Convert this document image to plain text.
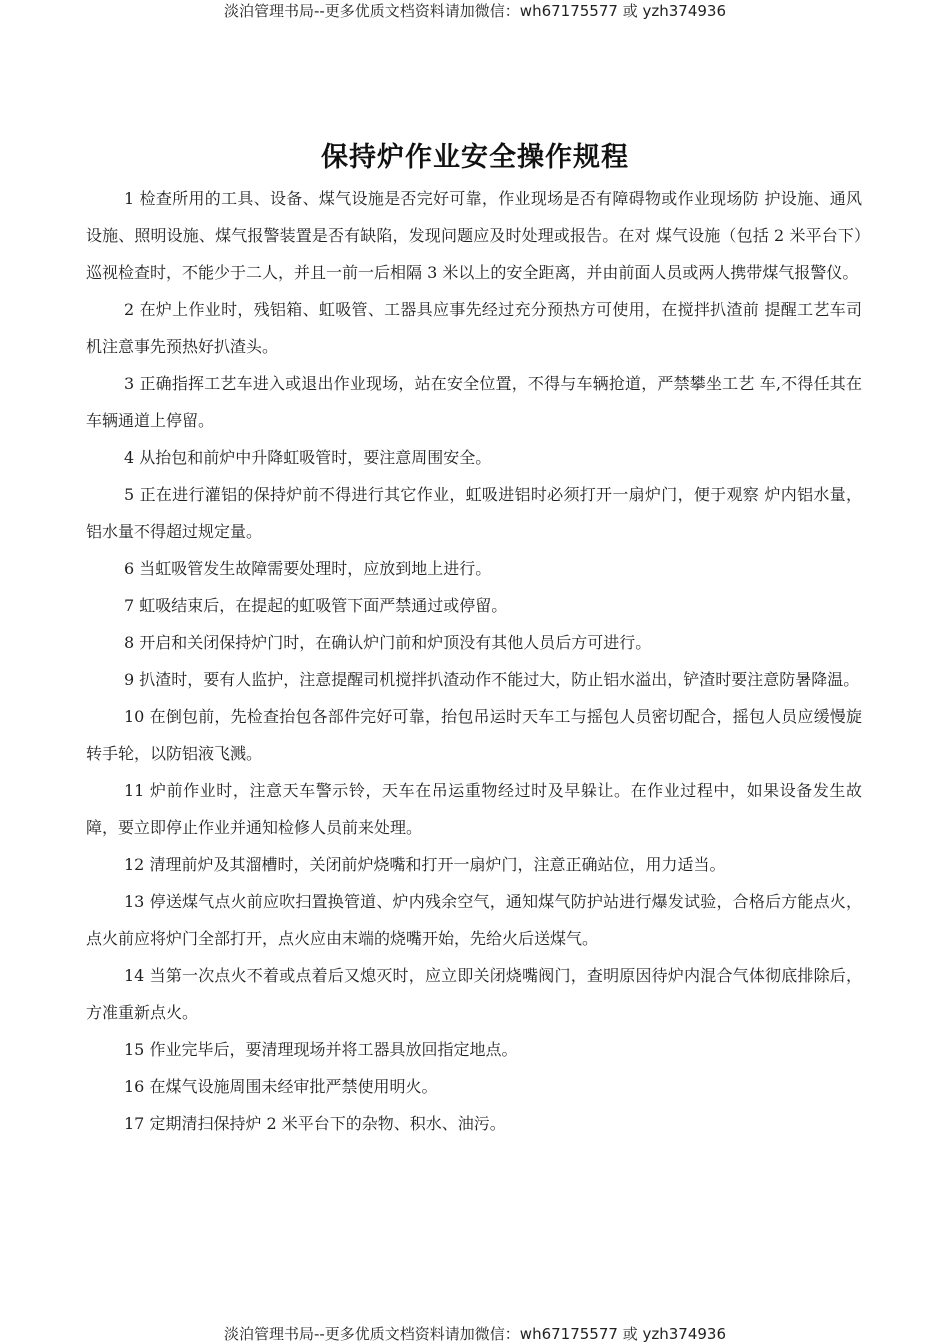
淡泊管理书局--更多优质文档资料请加微信：wh67175577 或 yzh374936
保持炉作业安全操作规程

1 检查所用的工具、设备、煤气设施是否完好可靠，作业现场是否有障碍物或作业现场防 护设施、通风设施、照明设施、煤气报警装置是否有缺陷，发现问题应及时处理或报告。在对 煤气设施（包括 2 米平台下）巡视检查时，不能少于二人，并且一前一后相隔 3 米以上的安全距离，并由前面人员或两人携带煤气报警仪。

2 在炉上作业时，残铝箱、虹吸管、工器具应事先经过充分预热方可使用，在搅拌扒渣前 提醒工艺车司机注意事先预热好扒渣头。

3 正确指挥工艺车进入或退出作业现场，站在安全位置，不得与车辆抢道，严禁攀坐工艺 车,不得任其在车辆通道上停留。

4 从抬包和前炉中升降虹吸管时，要注意周围安全。

5 正在进行灌铝的保持炉前不得进行其它作业，虹吸进铝时必须打开一扇炉门，便于观察 炉内铝水量，铝水量不得超过规定量。

6 当虹吸管发生故障需要处理时，应放到地上进行。

7 虹吸结束后，在提起的虹吸管下面严禁通过或停留。

8 开启和关闭保持炉门时，在确认炉门前和炉顶没有其他人员后方可进行。

9 扒渣时，要有人监护，注意提醒司机搅拌扒渣动作不能过大，防止铝水溢出，铲渣时要注意防暑降温。

10 在倒包前，先检查抬包各部件完好可靠，抬包吊运时天车工与摇包人员密切配合，摇包人员应缓慢旋转手轮，以防铝液飞溅。

11 炉前作业时，注意天车警示铃，天车在吊运重物经过时及早躲让。在作业过程中，如果设备发生故障，要立即停止作业并通知检修人员前来处理。

12 清理前炉及其溜槽时，关闭前炉烧嘴和打开一扇炉门，注意正确站位，用力适当。

13 停送煤气点火前应吹扫置换管道、炉内残余空气，通知煤气防护站进行爆发试验，合格后方能点火，点火前应将炉门全部打开，点火应由末端的烧嘴开始，先给火后送煤气。

14 当第一次点火不着或点着后又熄灭时，应立即关闭烧嘴阀门，查明原因待炉内混合气体彻底排除后，方准重新点火。

15 作业完毕后，要清理现场并将工器具放回指定地点。

16 在煤气设施周围未经审批严禁使用明火。

17 定期清扫保持炉 2 米平台下的杂物、积水、油污。

淡泊管理书局--更多优质文档资料请加微信：wh67175577 或 yzh374936
